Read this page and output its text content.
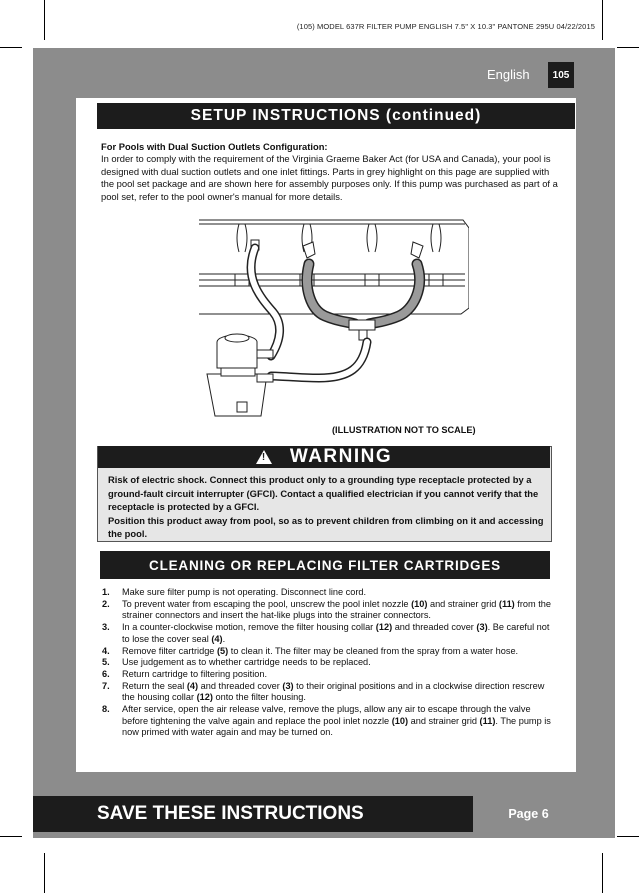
(105) MODEL 637R FILTER PUMP ENGLISH 7.5" X 10.3" PANTONE 295U 04/22/2015
English	105
SETUP INSTRUCTIONS (continued)
For Pools with Dual Suction Outlets Configuration:
In order to comply with the requirement of the Virginia Graeme Baker Act (for USA and Canada), your pool is designed with dual suction outlets and one inlet fittings. Parts in grey highlight on this page are supplied with the pool set package and are shown here for assembly purposes only. If this pump was purchased as part of a pool set, refer to the pool owner's manual for more details.
(ILLUSTRATION NOT TO SCALE)
! WARNING
Risk of electric shock. Connect this product only to a grounding type receptacle protected by a ground-fault circuit interrupter (GFCI). Contact a qualified electrician if you cannot verify that the receptacle is protected by a GFCI.
Position this product away from pool, so as to prevent children from climbing on it and accessing the pool.
CLEANING OR REPLACING FILTER CARTRIDGES
1. Make sure filter pump is not operating. Disconnect line cord.
2. To prevent water from escaping the pool, unscrew the pool inlet nozzle (10) and strainer grid (11) from the strainer connectors and insert the hat-like plugs into the strainer connectors.
3. In a counter-clockwise motion, remove the filter housing collar (12) and threaded cover (3). Be careful not to lose the cover seal (4).
4. Remove filter cartridge (5) to clean it. The filter may be cleaned from the spray from a water hose.
5. Use judgement as to whether cartridge needs to be replaced.
6. Return cartridge to filtering position.
7. Return the seal (4) and threaded cover (3) to their original positions and in a clockwise direction rescrew the housing collar (12) onto the filter housing.
8. After service, open the air release valve, remove the plugs, allow any air to escape through the valve before tightening the valve again and replace the pool inlet nozzle (10) and strainer grid (11). The pump is now primed with water again and may be turned on.
SAVE THESE INSTRUCTIONS	Page 6
